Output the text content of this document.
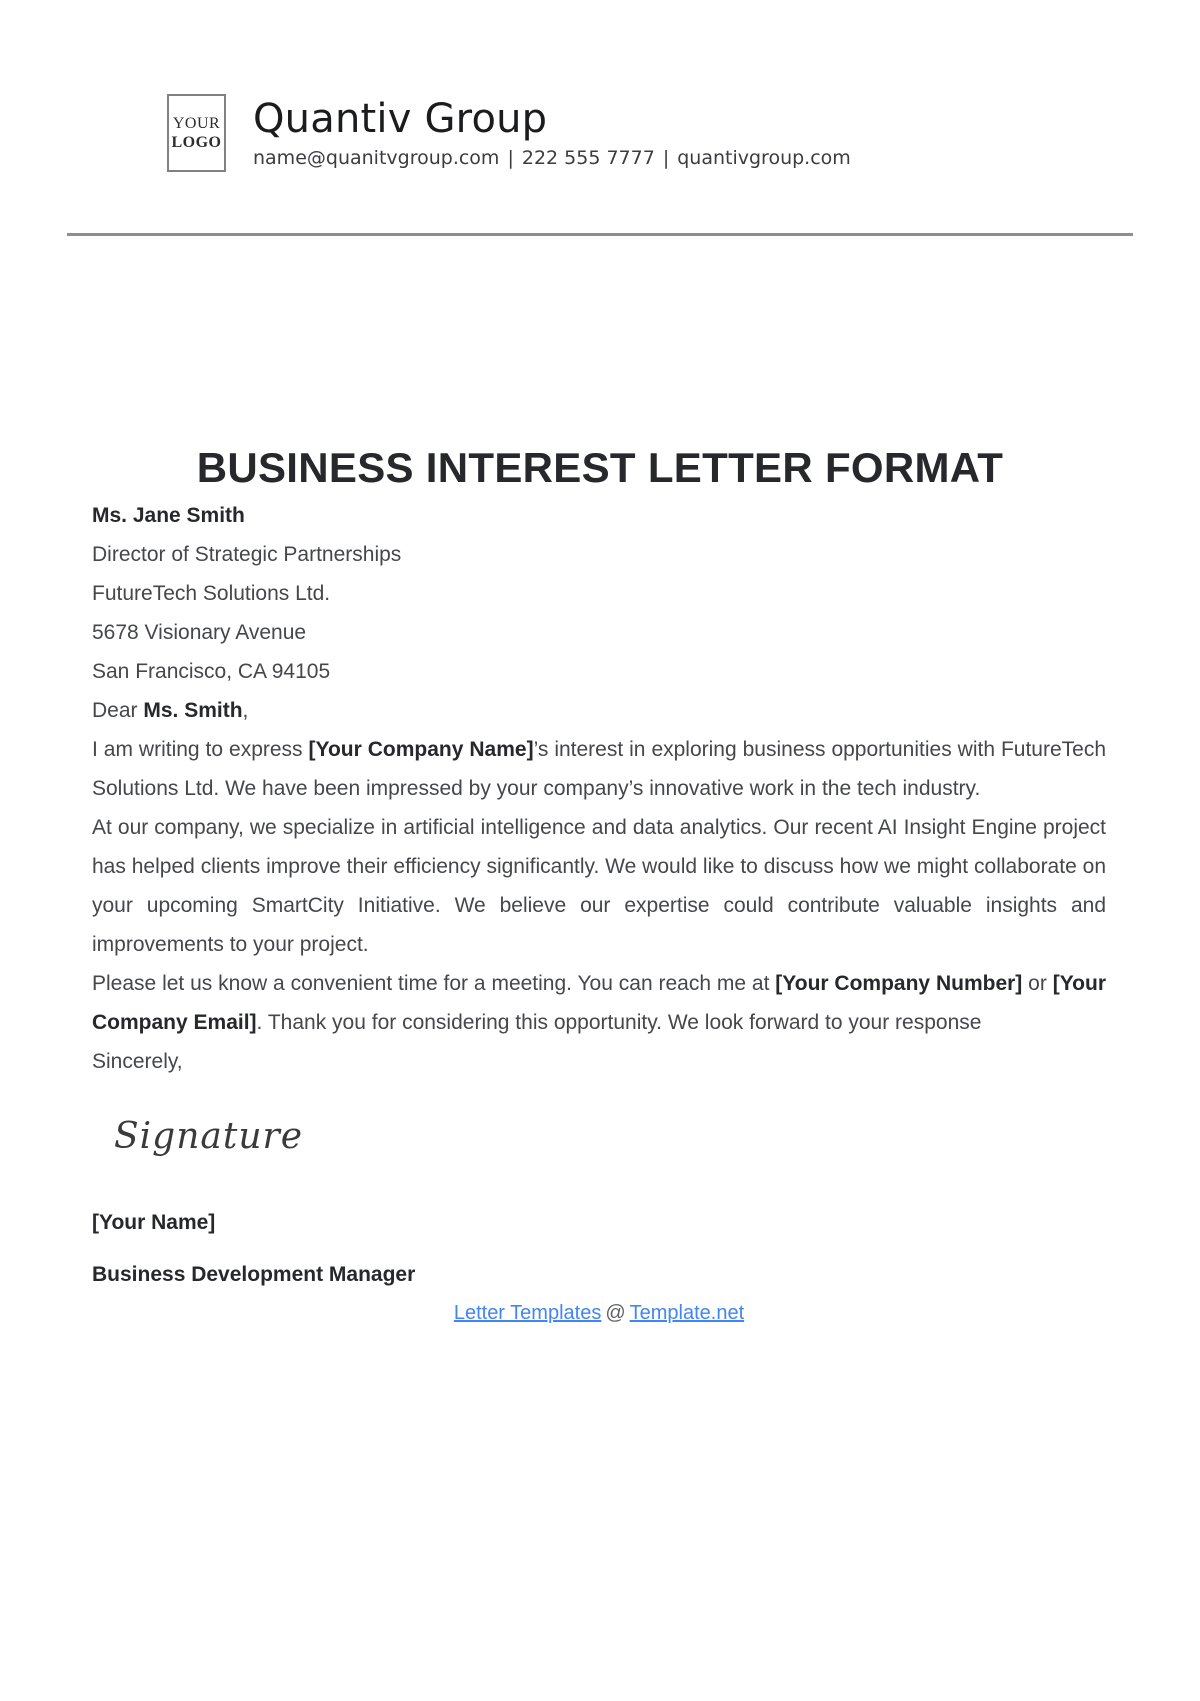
YOUR
LOGO
Quantiv Group
name@quanitvgroup.com | 222 555 7777 | quantivgroup.com
BUSINESS INTEREST LETTER FORMAT
Ms. Jane Smith
Director of Strategic Partnerships
FutureTech Solutions Ltd.
5678 Visionary Avenue
San Francisco, CA 94105
Dear Ms. Smith,

I am writing to express [Your Company Name]’s interest in exploring business opportunities with FutureTech Solutions Ltd. We have been impressed by your company’s innovative work in the tech industry.

At our company, we specialize in artificial intelligence and data analytics. Our recent AI Insight Engine project has helped clients improve their efficiency significantly. We would like to discuss how we might collaborate on your upcoming SmartCity Initiative. We believe our expertise could contribute valuable insights and improvements to your project.

Please let us know a convenient time for a meeting. You can reach me at [Your Company Number] or [Your Company Email]. Thank you for considering this opportunity. We look forward to your response

Sincerely,
Signature
[Your Name]
Business Development Manager
Letter Templates @ Template.net
